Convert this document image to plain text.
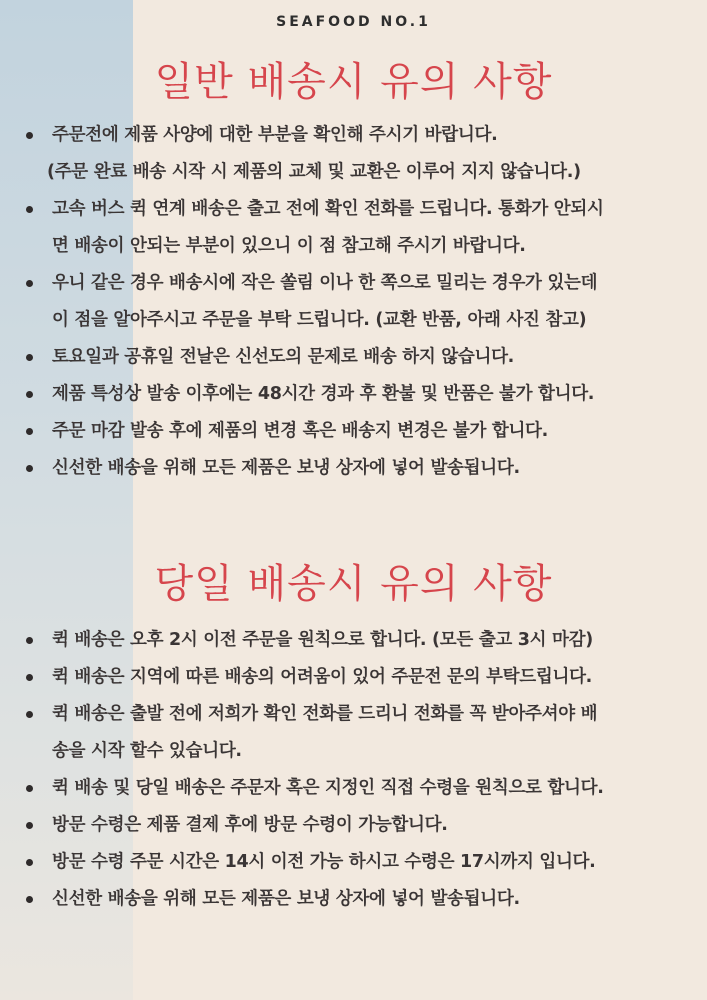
SEAFOOD NO.1
일반 배송시 유의 사항
주문전에 제품 사양에 대한 부분을 확인해 주시기 바랍니다.
(주문 완료 배송 시작 시 제품의 교체 및 교환은 이루어 지지 않습니다.)
고속 버스 퀵 연계 배송은 출고 전에 확인 전화를 드립니다. 통화가 안되시
면 배송이 안되는 부분이 있으니 이 점 참고해 주시기 바랍니다.
우니 같은 경우 배송시에 작은 쏠림 이나 한 쪽으로 밀리는 경우가 있는데
이 점을 알아주시고 주문을 부탁 드립니다. (교환 반품, 아래 사진 참고)
토요일과 공휴일 전날은 신선도의 문제로 배송 하지 않습니다.
제품 특성상 발송 이후에는 48시간 경과 후 환불 및 반품은 불가 합니다.
주문 마감 발송 후에 제품의 변경 혹은 배송지 변경은 불가 합니다.
신선한 배송을 위해 모든 제품은 보냉 상자에 넣어 발송됩니다.
당일 배송시 유의 사항
퀵 배송은 오후 2시 이전 주문을 원칙으로 합니다. (모든 출고 3시 마감)
퀵 배송은 지역에 따른 배송의 어려움이 있어 주문전 문의 부탁드립니다.
퀵 배송은 출발 전에 저희가 확인 전화를 드리니 전화를 꼭 받아주셔야 배
송을 시작 할수 있습니다.
퀵 배송 및 당일 배송은 주문자 혹은 지정인 직접 수령을 원칙으로 합니다.
방문 수령은 제품 결제 후에 방문 수령이 가능합니다.
방문 수령 주문 시간은 14시 이전 가능 하시고 수령은 17시까지 입니다.
신선한 배송을 위해 모든 제품은 보냉 상자에 넣어 발송됩니다.
